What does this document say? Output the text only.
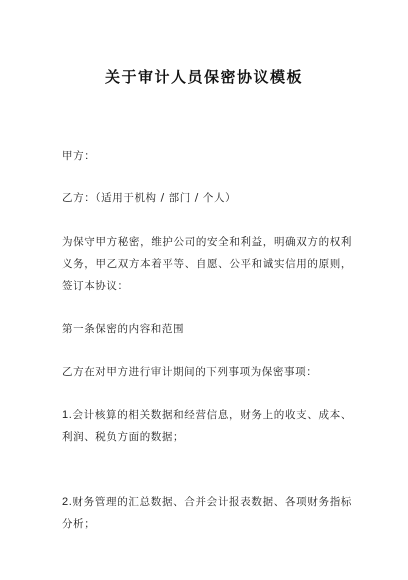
关于审计人员保密协议模板
甲方：
乙方：（适用于机构 / 部门 / 个人）
为保守甲方秘密，维护公司的安全和利益，明确双方的权利义务，甲乙双方本着平等、自愿、公平和诚实信用的原则，签订本协议：
第一条保密的内容和范围
乙方在对甲方进行审计期间的下列事项为保密事项：
1.会计核算的相关数据和经营信息，财务上的收支、成本、利润、税负方面的数据；
2.财务管理的汇总数据、合并会计报表数据、各项财务指标分析；
